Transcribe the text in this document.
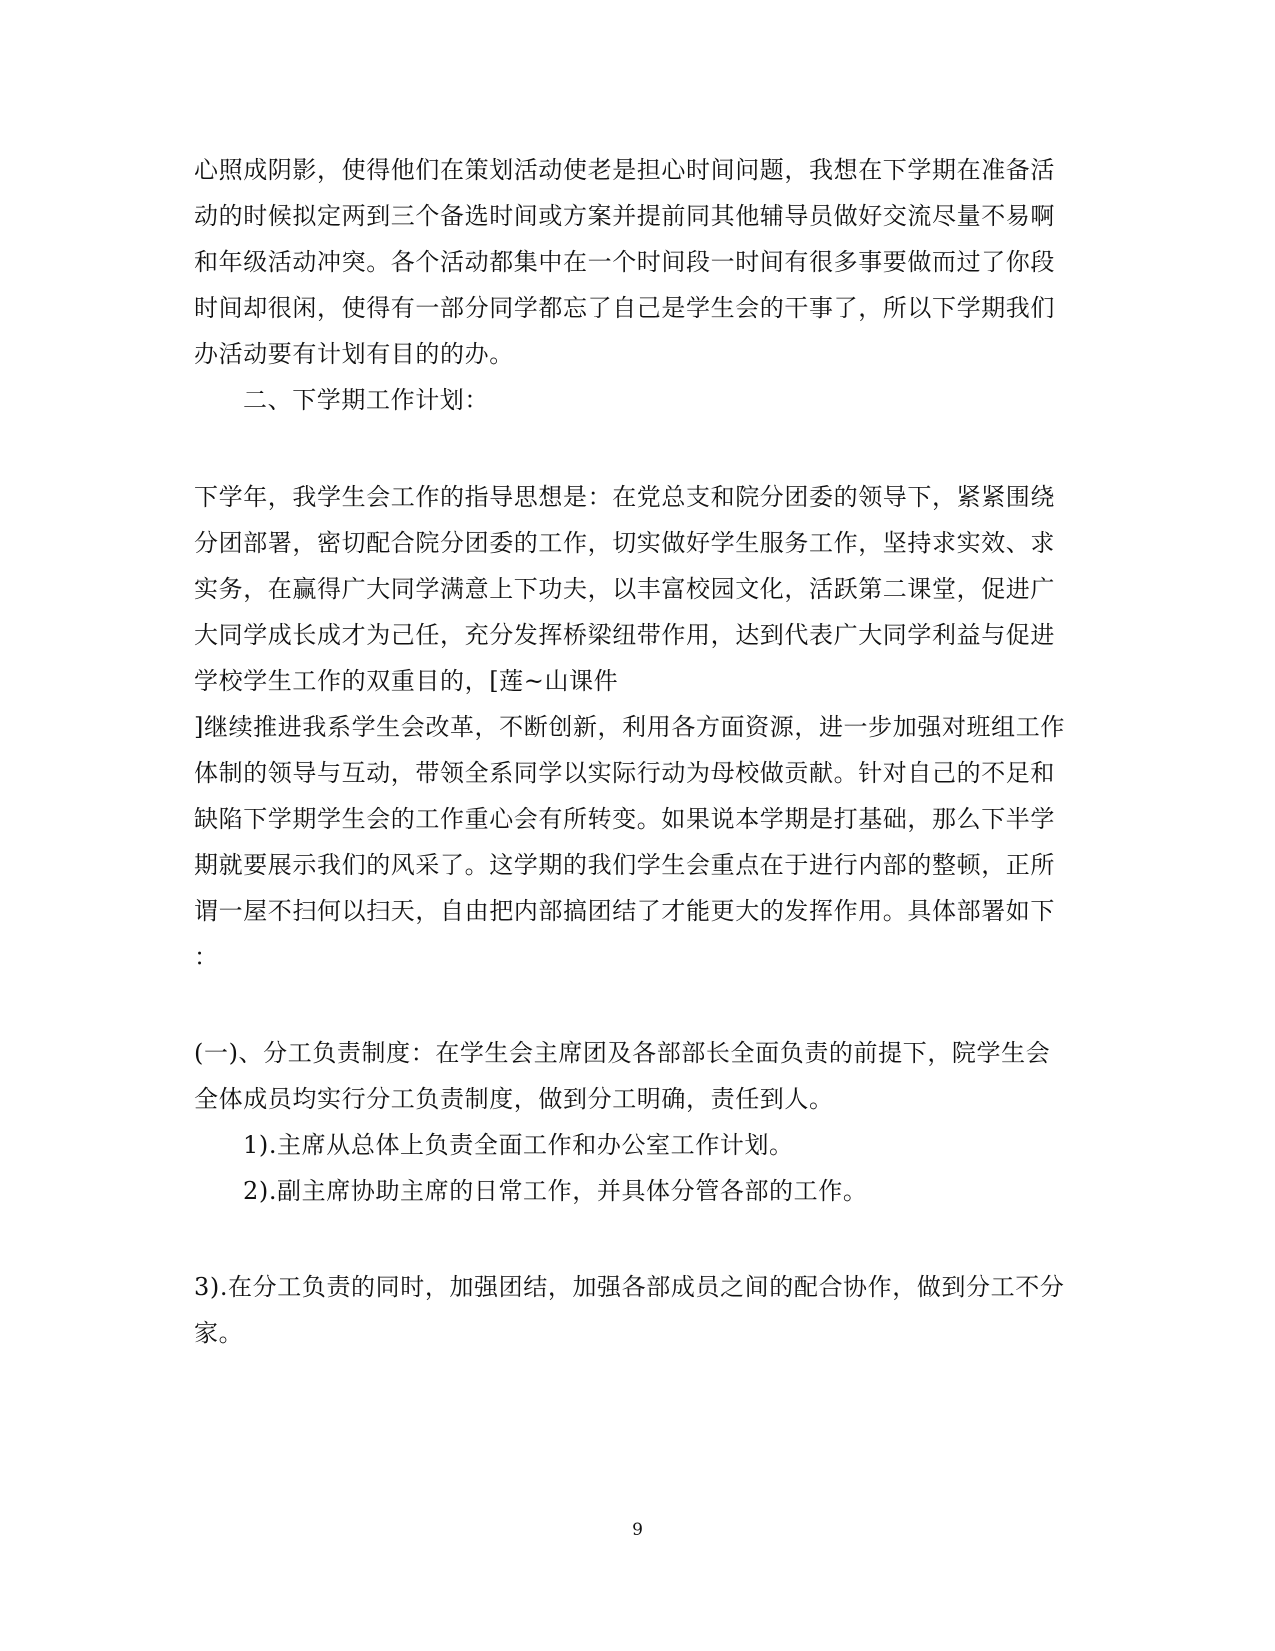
心照成阴影，使得他们在策划活动使老是担心时间问题，我想在下学期在准备活
动的时候拟定两到三个备选时间或方案并提前同其他辅导员做好交流尽量不易啊
和年级活动冲突。各个活动都集中在一个时间段一时间有很多事要做而过了你段
时间却很闲，使得有一部分同学都忘了自己是学生会的干事了，所以下学期我们
办活动要有计划有目的的办。
二、下学期工作计划：
下学年，我学生会工作的指导思想是：在党总支和院分团委的领导下，紧紧围绕
分团部署，密切配合院分团委的工作，切实做好学生服务工作，坚持求实效、求
实务，在赢得广大同学满意上下功夫，以丰富校园文化，活跃第二课堂，促进广
大同学成长成才为己任，充分发挥桥梁纽带作用，达到代表广大同学利益与促进
学校学生工作的双重目的，[莲~山课件
]继续推进我系学生会改革，不断创新，利用各方面资源，进一步加强对班组工作
体制的领导与互动，带领全系同学以实际行动为母校做贡献。针对自己的不足和
缺陷下学期学生会的工作重心会有所转变。如果说本学期是打基础，那么下半学
期就要展示我们的风采了。这学期的我们学生会重点在于进行内部的整顿，正所
谓一屋不扫何以扫天，自由把内部搞团结了才能更大的发挥作用。具体部署如下
：
(一)、分工负责制度：在学生会主席团及各部部长全面负责的前提下，院学生会
全体成员均实行分工负责制度，做到分工明确，责任到人。
1).主席从总体上负责全面工作和办公室工作计划。
2).副主席协助主席的日常工作，并具体分管各部的工作。
3).在分工负责的同时，加强团结，加强各部成员之间的配合协作，做到分工不分
家。
9
